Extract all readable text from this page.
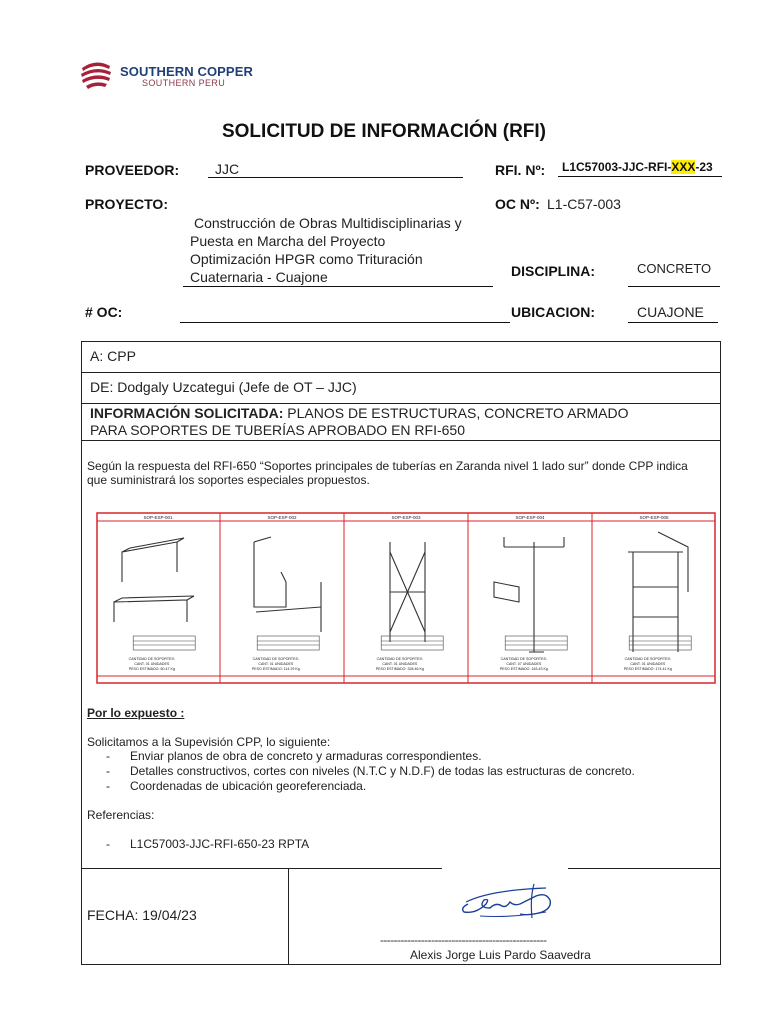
SOUTHERN COPPER
SOUTHERN PERU
SOLICITUD DE INFORMACIÓN (RFI)
PROVEEDOR:	JJC	RFI. Nº: L1C57003-JJC-RFI-XXX-23
PROYECTO:
Construcción de Obras Multidisciplinarias y
Puesta en Marcha del Proyecto
Optimización HPGR como Trituración
Cuaternaria - Cuajone
OC Nº: L1-C57-003
DISCIPLINA:	CONCRETO
# OC:	UBICACION:	CUAJONE
A: CPP
DE: Dodgaly Uzcategui (Jefe de OT – JJC)
INFORMACIÓN SOLICITADA: PLANOS DE ESTRUCTURAS, CONCRETO ARMADO
PARA SOPORTES DE TUBERÍAS APROBADO EN RFI-650
Según la respuesta del RFI-650 “Soportes principales de tuberías en Zaranda nivel 1 lado sur” donde CPP indica
que suministrará los soportes especiales propuestos.
Por lo expuesto :
Solicitamos a la Supevisión CPP, lo siguiente:
-      Enviar planos de obra de concreto y armaduras correspondientes.
-      Detalles constructivos, cortes con niveles (N.T.C y N.D.F) de todas las estructuras de concreto.
-      Coordenadas de ubicación georeferenciada.
Referencias:
-      L1C57003-JJC-RFI-650-23 RPTA
FECHA: 19/04/23
-------------------------------------------------
Alexis Jorge Luis Pardo Saavedra
SOP-ESP-001
CANTIDAD DE SOPORTES:
CANT. 01 UNIDADES
PESO ESTIMADO: 60.47 Kg
SOP-ESP-002
CANTIDAD DE SOPORTES:
CANT. 01 UNIDADES
PESO ESTIMADO: 114.29 Kg
SOP-ESP-003
CANTIDAD DE SOPORTES:
CANT. 01 UNIDADES
PESO ESTIMADO: 328.46 Kg
SOP-ESP-004
CANTIDAD DE SOPORTES:
CANT. 07 UNIDADES
PESO ESTIMADO: 163.43 Kg
SOP-ESP-005
CANTIDAD DE SOPORTES:
CANT. 01 UNIDADES
PESO ESTIMADO: 174.41 Kg
